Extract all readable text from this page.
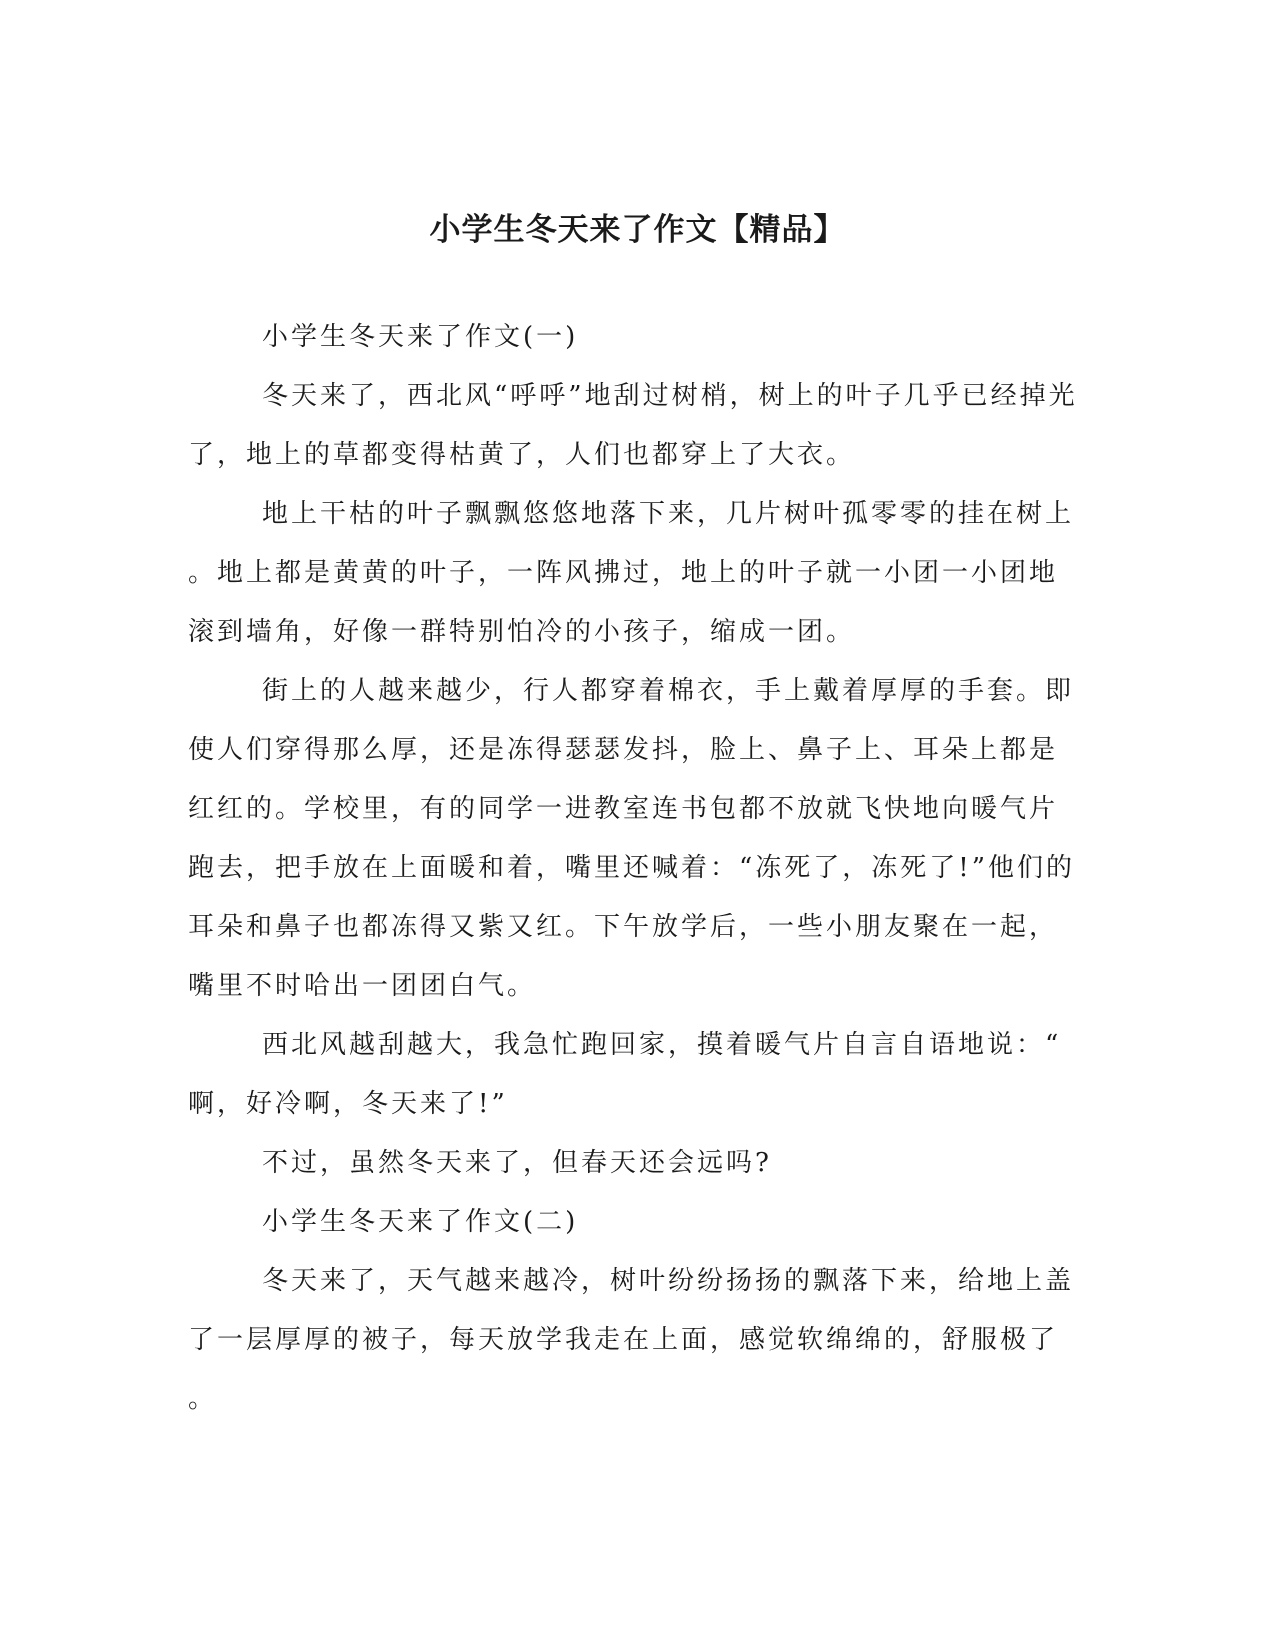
小学生冬天来了作文【精品】
小学生冬天来了作文(一)
冬天来了，西北风“呼呼”地刮过树梢，树上的叶子几乎已经掉光
了，地上的草都变得枯黄了，人们也都穿上了大衣。
地上干枯的叶子飘飘悠悠地落下来，几片树叶孤零零的挂在树上
。地上都是黄黄的叶子，一阵风拂过，地上的叶子就一小团一小团地
滚到墙角，好像一群特别怕冷的小孩子，缩成一团。
街上的人越来越少，行人都穿着棉衣，手上戴着厚厚的手套。即
使人们穿得那么厚，还是冻得瑟瑟发抖，脸上、鼻子上、耳朵上都是
红红的。学校里，有的同学一进教室连书包都不放就飞快地向暖气片
跑去，把手放在上面暖和着，嘴里还喊着：“冻死了，冻死了!”他们的
耳朵和鼻子也都冻得又紫又红。下午放学后，一些小朋友聚在一起，
嘴里不时哈出一团团白气。
西北风越刮越大，我急忙跑回家，摸着暖气片自言自语地说：“
啊，好冷啊，冬天来了!”
不过，虽然冬天来了，但春天还会远吗?
小学生冬天来了作文(二)
冬天来了，天气越来越冷，树叶纷纷扬扬的飘落下来，给地上盖
了一层厚厚的被子，每天放学我走在上面，感觉软绵绵的，舒服极了
。
